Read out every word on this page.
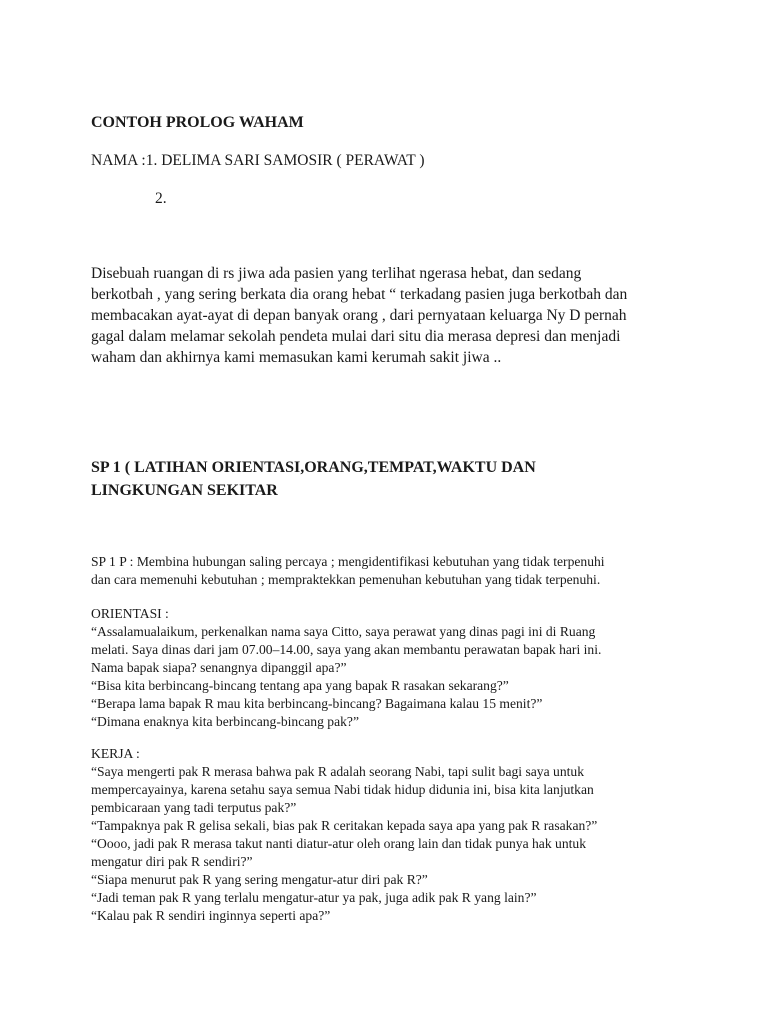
CONTOH PROLOG WAHAM
NAMA :1. DELIMA SARI SAMOSIR ( PERAWAT )
2.

Disebuah ruangan di rs jiwa ada pasien yang terlihat ngerasa hebat, dan sedang

berkotbah , yang sering berkata dia orang hebat “ terkadang pasien juga berkotbah dan

membacakan ayat-ayat di depan banyak orang , dari pernyataan keluarga Ny D pernah

gagal dalam melamar sekolah pendeta mulai dari situ dia merasa depresi dan menjadi

waham dan akhirnya kami memasukan kami kerumah sakit jiwa ..

SP 1 ( LATIHAN ORIENTASI,ORANG,TEMPAT,WAKTU DAN
LINGKUNGAN SEKITAR
SP 1 P : Membina hubungan saling percaya ; mengidentifikasi kebutuhan yang tidak terpenuhi
dan cara memenuhi kebutuhan ; mempraktekkan pemenuhan kebutuhan yang tidak terpenuhi.
ORIENTASI :
“Assalamualaikum, perkenalkan nama saya Citto, saya perawat yang dinas pagi ini di Ruang
melati. Saya dinas dari jam 07.00–14.00, saya yang akan membantu perawatan bapak hari ini.
Nama bapak siapa? senangnya dipanggil apa?”
“Bisa kita berbincang-bincang tentang apa yang bapak R rasakan sekarang?”
“Berapa lama bapak R mau kita berbincang-bincang? Bagaimana kalau 15 menit?”
“Dimana enaknya kita berbincang-bincang pak?”
KERJA :
“Saya mengerti pak R merasa bahwa pak R adalah seorang Nabi, tapi sulit bagi saya untuk
mempercayainya, karena setahu saya semua Nabi tidak hidup didunia ini, bisa kita lanjutkan
pembicaraan yang tadi terputus pak?”
“Tampaknya pak R gelisa sekali, bias pak R ceritakan kepada saya apa yang pak R rasakan?”
“Oooo, jadi pak R merasa takut nanti diatur-atur oleh orang lain dan tidak punya hak untuk
mengatur diri pak R sendiri?”
“Siapa menurut pak R yang sering mengatur-atur diri pak R?”
“Jadi teman pak R yang terlalu mengatur-atur ya pak, juga adik pak R yang lain?”
“Kalau pak R sendiri inginnya seperti apa?”
